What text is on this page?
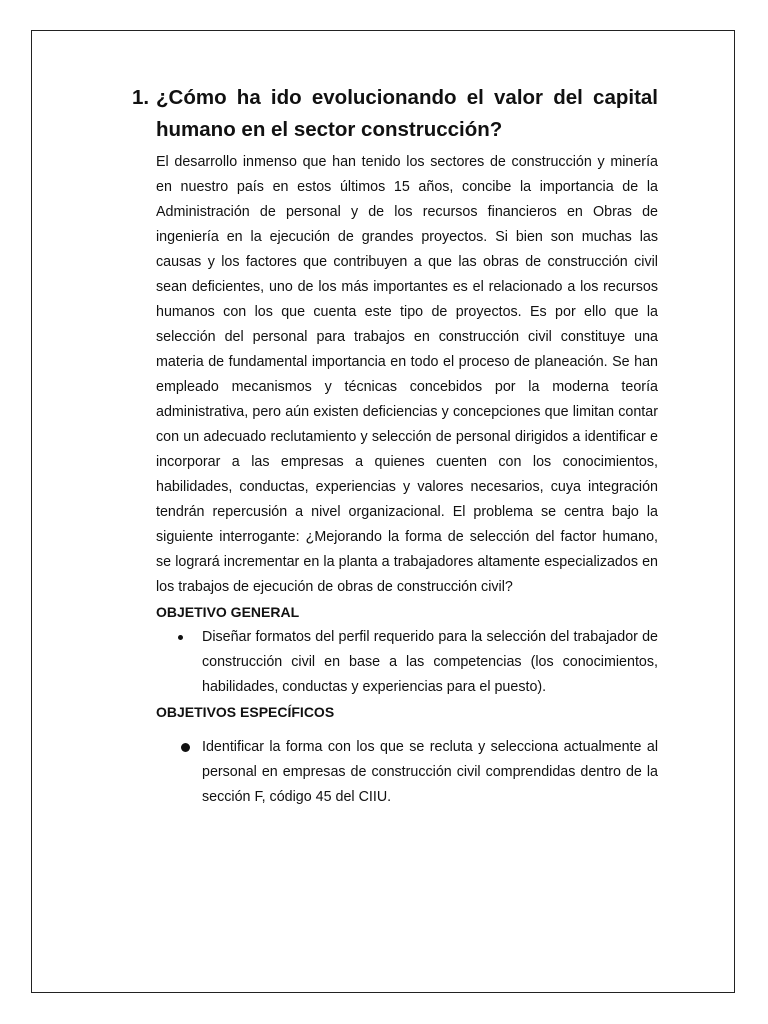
1. ¿Cómo ha ido evolucionando el valor del capital humano en el sector construcción?

El desarrollo inmenso que han tenido los sectores de construcción y minería en nuestro país en estos últimos 15 años, concibe la importancia de la Administración de personal y de los recursos financieros en Obras de ingeniería en la ejecución de grandes proyectos. Si bien son muchas las causas y los factores que contribuyen a que las obras de construcción civil sean deficientes, uno de los más importantes es el relacionado a los recursos humanos con los que cuenta este tipo de proyectos. Es por ello que la selección del personal para trabajos en construcción civil constituye una materia de fundamental importancia en todo el proceso de planeación. Se han empleado mecanismos y técnicas concebidos por la moderna teoría administrativa, pero aún existen deficiencias y concepciones que limitan contar con un adecuado reclutamiento y selección de personal dirigidos a identificar e incorporar a las empresas a quienes cuenten con los conocimientos, habilidades, conductas, experiencias y valores necesarios, cuya integración tendrán repercusión a nivel organizacional. El problema se centra bajo la siguiente interrogante: ¿Mejorando la forma de selección del factor humano, se logrará incrementar en la planta a trabajadores altamente especializados en los trabajos de ejecución de obras de construcción civil?

OBJETIVO GENERAL

Diseñar formatos del perfil requerido para la selección del trabajador de construcción civil en base a las competencias (los conocimientos, habilidades, conductas y experiencias para el puesto).

OBJETIVOS ESPECÍFICOS

Identificar la forma con los que se recluta y selecciona actualmente al personal en empresas de construcción civil comprendidas dentro de la sección F, código 45 del CIIU.
